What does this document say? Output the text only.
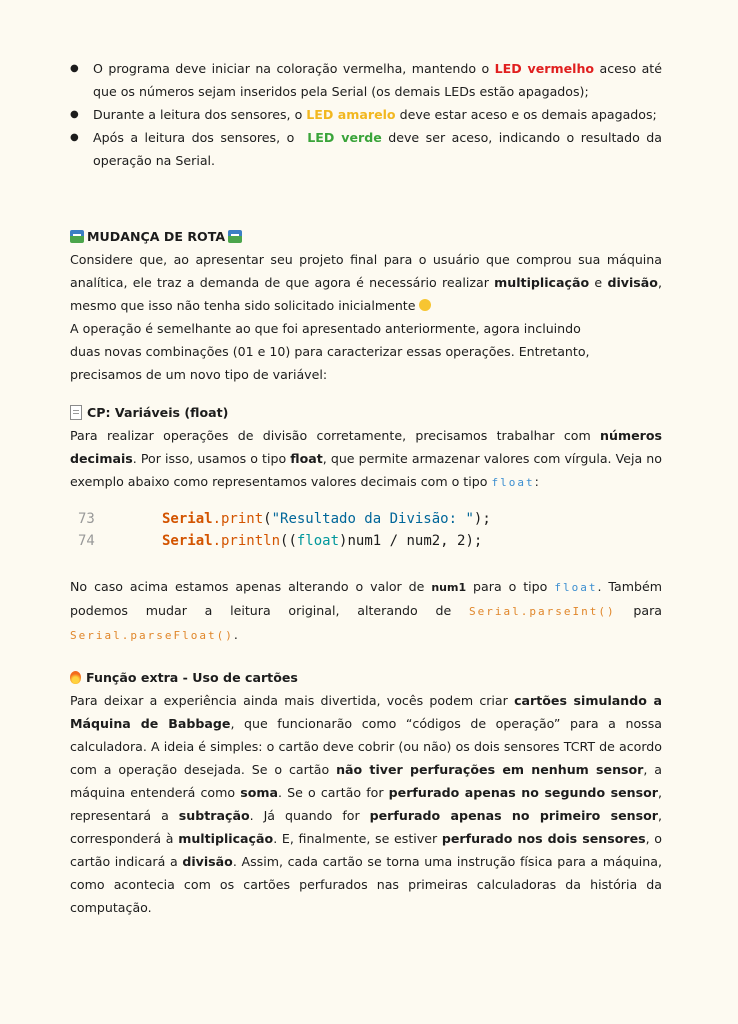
● O programa deve iniciar na coloração vermelha, mantendo o LED vermelho aceso até que os números sejam inseridos pela Serial (os demais LEDs estão apagados);
● Durante a leitura dos sensores, o LED amarelo deve estar aceso e os demais apagados;
● Após a leitura dos sensores, o  LED verde deve ser aceso, indicando o resultado da operação na Serial.
MUDANÇA DE ROTA
Considere que, ao apresentar seu projeto final para o usuário que comprou sua máquina analítica, ele traz a demanda de que agora é necessário realizar multiplicação e divisão, mesmo que isso não tenha sido solicitado inicialmente
A operação é semelhante ao que foi apresentado anteriormente, agora incluindo duas novas combinações (01 e 10) para caracterizar essas operações. Entretanto, precisamos de um novo tipo de variável:
CP: Variáveis (float)
Para realizar operações de divisão corretamente, precisamos trabalhar com números decimais. Por isso, usamos o tipo float, que permite armazenar valores com vírgula. Veja no exemplo abaixo como representamos valores decimais com o tipo float:
73	Serial.print("Resultado da Divisão: ");
74	Serial.println((float)num1 / num2, 2);
No caso acima estamos apenas alterando o valor de num1 para o tipo float. Também podemos mudar a leitura original, alterando de Serial.parseInt() para Serial.parseFloat().
Função extra - Uso de cartões
Para deixar a experiência ainda mais divertida, vocês podem criar cartões simulando a Máquina de Babbage, que funcionarão como “códigos de operação” para a nossa calculadora. A ideia é simples: o cartão deve cobrir (ou não) os dois sensores TCRT de acordo com a operação desejada. Se o cartão não tiver perfurações em nenhum sensor, a máquina entenderá como soma. Se o cartão for perfurado apenas no segundo sensor, representará a subtração. Já quando for perfurado apenas no primeiro sensor, corresponderá à multiplicação. E, finalmente, se estiver perfurado nos dois sensores, o cartão indicará a divisão. Assim, cada cartão se torna uma instrução física para a máquina, como acontecia com os cartões perfurados nas primeiras calculadoras da história da computação.
